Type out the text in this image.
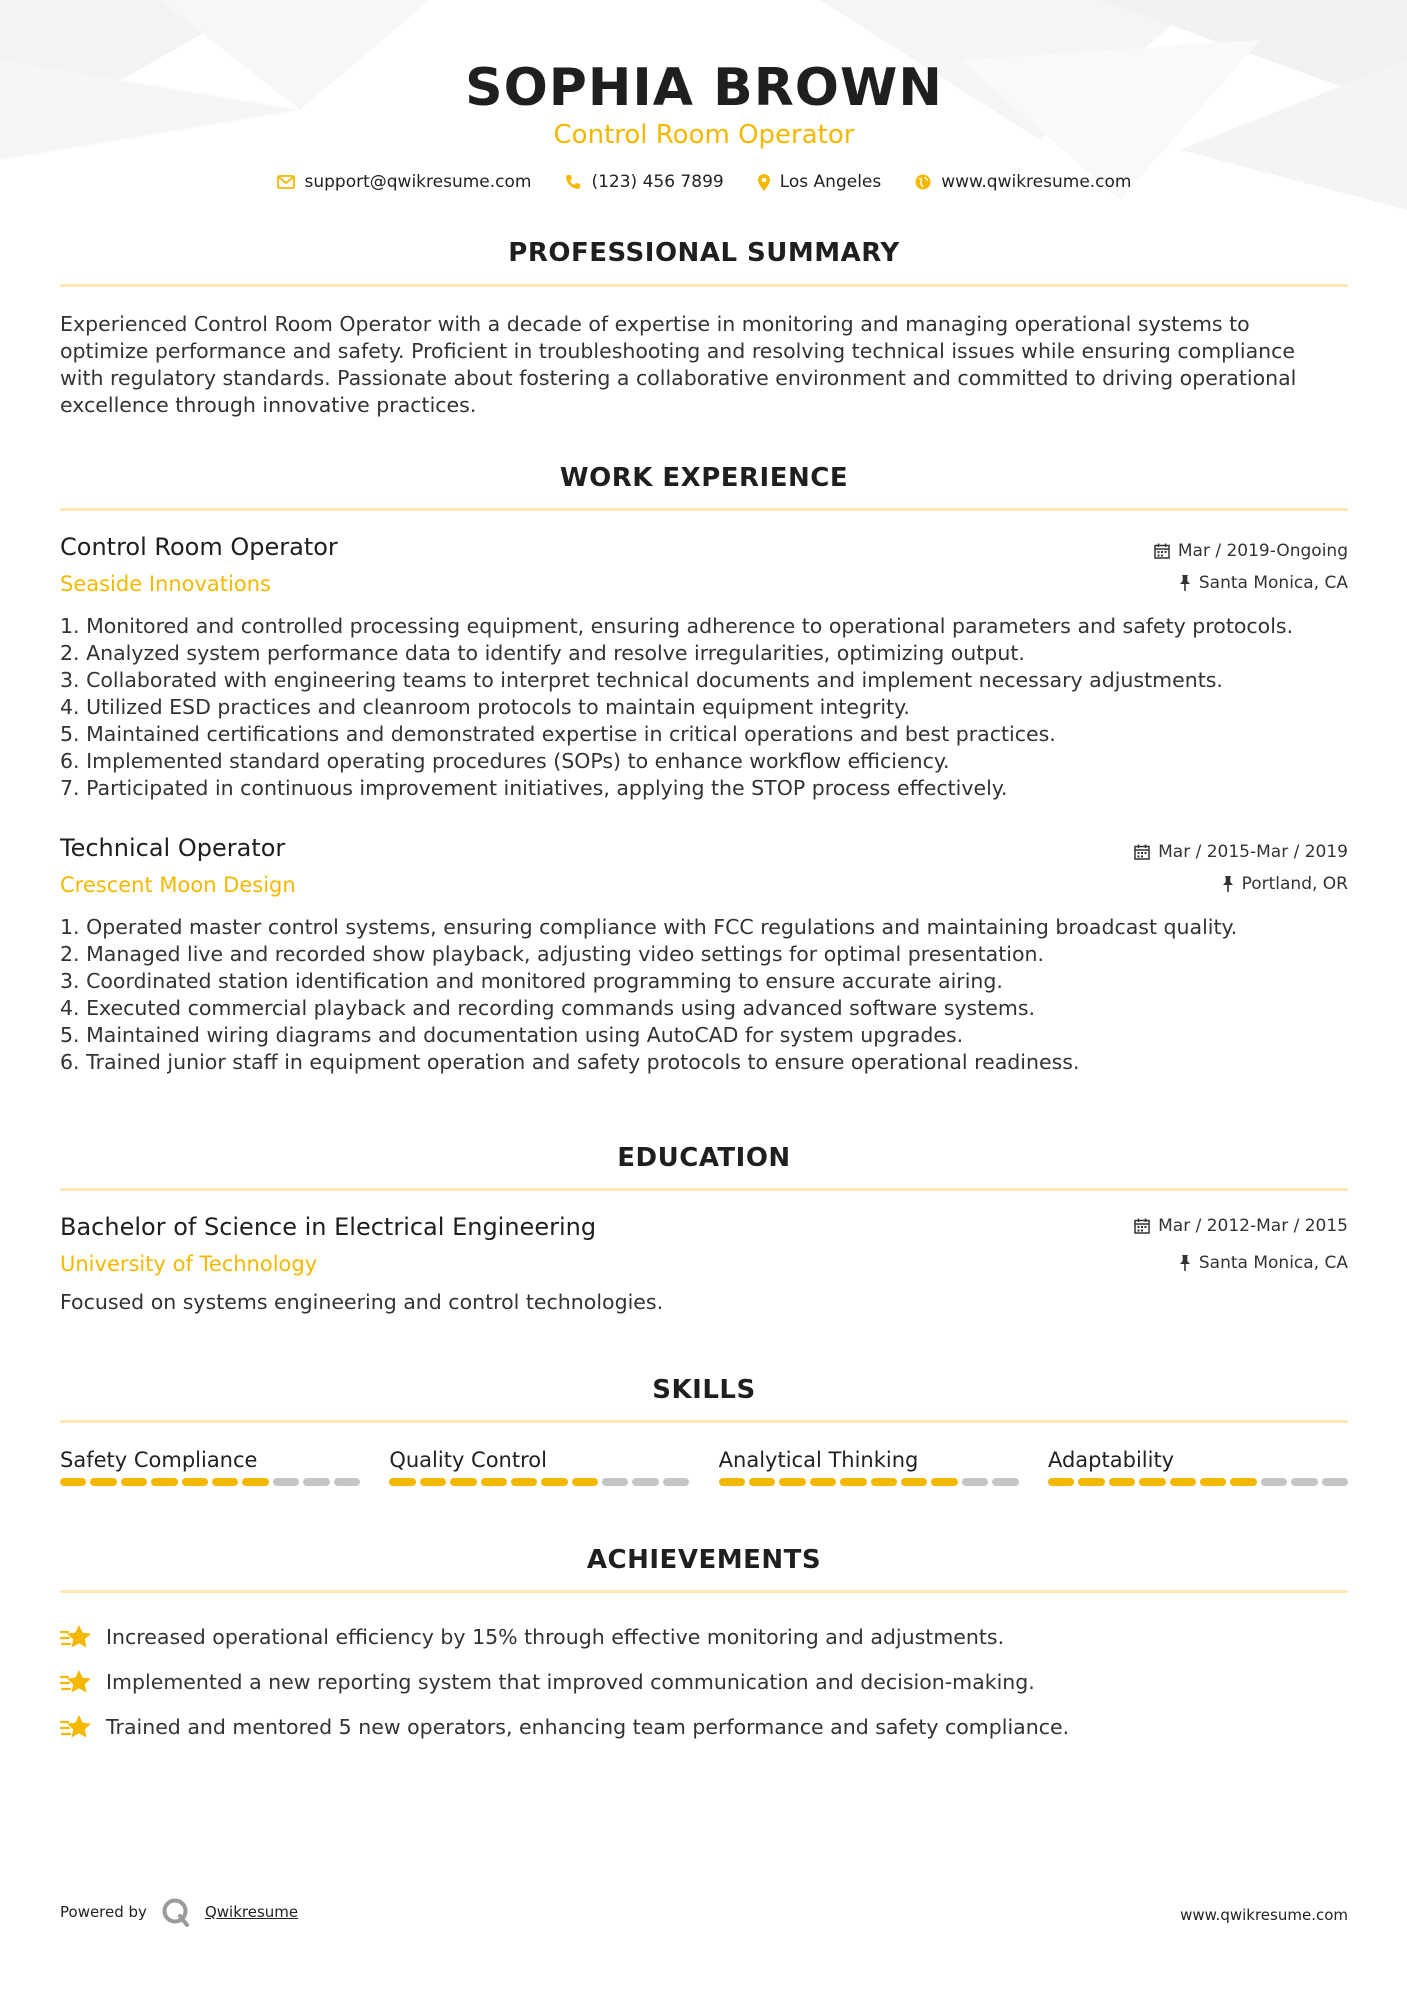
SOPHIA BROWN
Control Room Operator
support@qwikresume.com	(123) 456 7899	Los Angeles	www.qwikresume.com
PROFESSIONAL SUMMARY
Experienced Control Room Operator with a decade of expertise in monitoring and managing operational systems to
optimize performance and safety. Proficient in troubleshooting and resolving technical issues while ensuring compliance
with regulatory standards. Passionate about fostering a collaborative environment and committed to driving operational
excellence through innovative practices.
WORK EXPERIENCE
Control Room Operator
Seaside Innovations
Mar / 2019-Ongoing
Santa Monica, CA
1. Monitored and controlled processing equipment, ensuring adherence to operational parameters and safety protocols.
2. Analyzed system performance data to identify and resolve irregularities, optimizing output.
3. Collaborated with engineering teams to interpret technical documents and implement necessary adjustments.
4. Utilized ESD practices and cleanroom protocols to maintain equipment integrity.
5. Maintained certifications and demonstrated expertise in critical operations and best practices.
6. Implemented standard operating procedures (SOPs) to enhance workflow efficiency.
7. Participated in continuous improvement initiatives, applying the STOP process effectively.
Technical Operator
Crescent Moon Design
Mar / 2015-Mar / 2019
Portland, OR
1. Operated master control systems, ensuring compliance with FCC regulations and maintaining broadcast quality.
2. Managed live and recorded show playback, adjusting video settings for optimal presentation.
3. Coordinated station identification and monitored programming to ensure accurate airing.
4. Executed commercial playback and recording commands using advanced software systems.
5. Maintained wiring diagrams and documentation using AutoCAD for system upgrades.
6. Trained junior staff in equipment operation and safety protocols to ensure operational readiness.
EDUCATION
Bachelor of Science in Electrical Engineering
University of Technology
Mar / 2012-Mar / 2015
Santa Monica, CA
Focused on systems engineering and control technologies.
SKILLS
Safety Compliance	Quality Control	Analytical Thinking	Adaptability
ACHIEVEMENTS
Increased operational efficiency by 15% through effective monitoring and adjustments.
Implemented a new reporting system that improved communication and decision-making.
Trained and mentored 5 new operators, enhancing team performance and safety compliance.
Powered by	Qwikresume	www.qwikresume.com
